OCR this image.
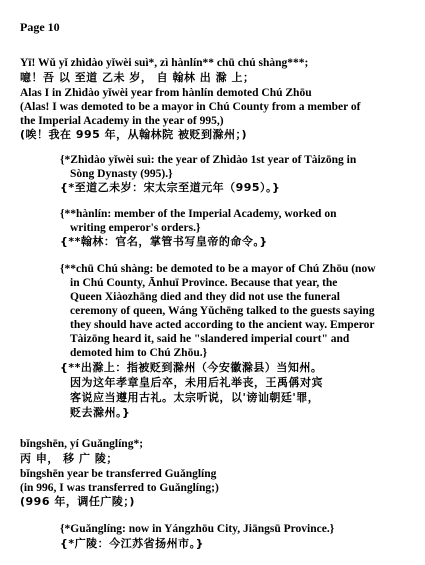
Page 10
Yī! Wǔ yǐ zhìdào yǐwèi suì*, zì hànlín** chū chú shàng***;
噫！吾 以 至道 乙未 岁， 自 翰林 出 滁 上；
Alas I in Zhìdào yǐwèi year from hànlín demoted Chú Zhōu
(Alas! I was demoted to be a mayor in Chú County from a member of
the Imperial Academy in the year of 995,)
(唉！我在 995 年，从翰林院 被贬到滁州；)
{*Zhìdào yǐwèi suì: the year of Zhìdào 1st year of Tàizōng in
Sòng Dynasty (995).}
{*至道乙未岁：宋太宗至道元年（995）。}
{**hànlín: member of the Imperial Academy, worked on
writing emperor's orders.}
{**翰林：官名，掌管书写皇帝的命令。}
{**chū Chú shàng: be demoted to be a mayor of Chú Zhōu (now
in Chú County, Ānhuī Province. Because that year, the
Queen Xiàozhāng died and they did not use the funeral
ceremony of queen, Wáng Yǔchēng talked to the guests saying
they should have acted according to the ancient way. Emperor
Tàizōng heard it, said he "slandered imperial court" and
demoted him to Chú Zhōu.}
{**出滁上：指被贬到滁州（今安徽滁县）当知州。
因为这年孝章皇后卒，未用后礼举丧，王禹偁对宾
客说应当遵用古礼。太宗听说，以'谤讪朝廷'罪，
贬去滁州。}
bǐngshēn, yí Guǎnglíng*;
丙 申， 移 广 陵；
bǐngshēn year be transferred Guǎnglíng
(in 996, I was transferred to Guǎnglíng;)
(996 年，调任广陵；)
{*Guǎnglíng: now in Yángzhōu City, Jiāngsū Province.}
{*广陵：今江苏省扬州市。}
